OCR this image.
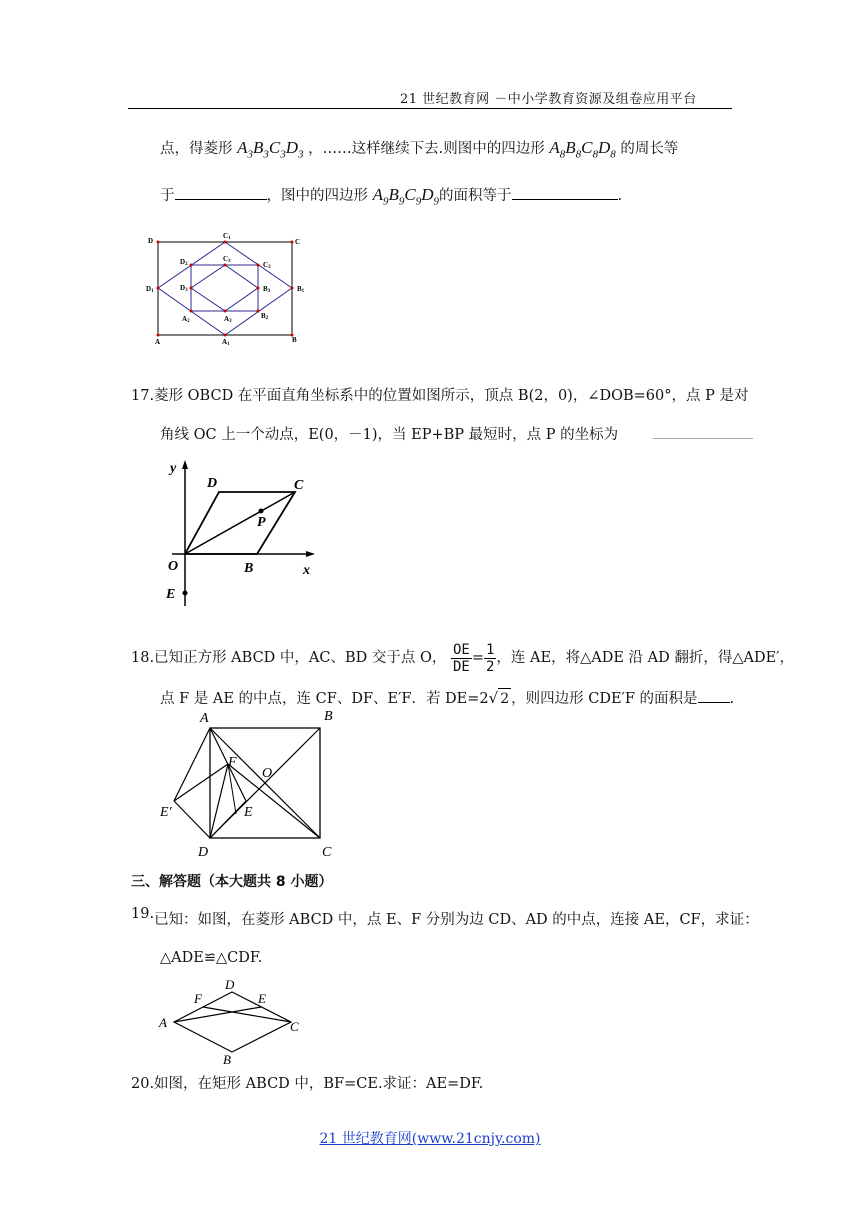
21 世纪教育网 －中小学教育资源及组卷应用平台
点，得菱形 $A_3B_3C_3D_3$ ，……这样继续下去.则图中的四边形 $A_8B_8C_8D_8$ 的周长等
于	，图中的四边形 $A_9B_9C_9D_9$的面积等于	.
D	C
A	B
C1
D1	B1
A1
D2	C2
A2
B2
C3
D3	B3
A3
17.菱形 OBCD 在平面直角坐标系中的位置如图所示，顶点 B(2，0)，∠DOB=60°，点 P 是对
角线 OC 上一个动点，E(0，－1)，当 EP+BP 最短时，点 P 的坐标为
y
x
D	C
P
O	B
E
18.已知正方形 ABCD 中，AC、BD 交于点 O， $\frac{OE}{DE} = \frac{1}{2}$ ，连 AE，将△ADE 沿 AD 翻折，得△ADE′，
点 F 是 AE 的中点，连 CF、DF、E′F．若 DE=2√ 2 ，则四边形 CDE′F 的面积是 .
A	B
F
O
E′	E
D	C
三、解答题（本大题共 8 小题）
19.已知：如图，在菱形 ABCD 中，点 E、F 分别为边 CD、AD 的中点，连接 AE，CF，求证：
△ADE≌△CDF.
D
F	E
A	C
B
20.如图，在矩形 ABCD 中，BF=CE.求证：AE=DF.
21 世纪教育网(www.21cnjy.com)
